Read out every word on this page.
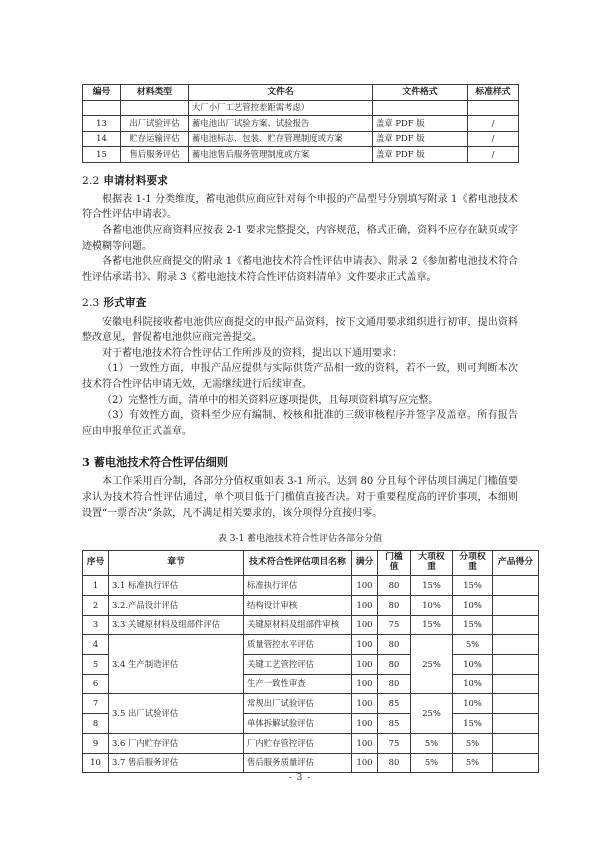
编号	材料类型	文件名	文件格式	标准样式
		大厂小厂工艺管控差距需考虑）		
13	出厂试验评估	蓄电池出厂试验方案、试验报告	盖章 PDF 版	/
14	贮存运输评估	蓄电池标志、包装、贮存管理制度或方案	盖章 PDF 版	/
15	售后服务评估	蓄电池售后服务管理制度或方案	盖章 PDF 版	/
2.2 申请材料要求

根据表 1-1 分类维度，蓄电池供应商应针对每个申报的产品型号分别填写附录 1《蓄电池技术符合性评估申请表》。

各蓄电池供应商资料应按表 2-1 要求完整提交，内容规范，格式正确，资料不应存在缺页或字迹模糊等问题。

各蓄电池供应商提交的附录 1《蓄电池技术符合性评估申请表》、附录 2《参加蓄电池技术符合性评估承诺书》、附录 3《蓄电池技术符合性评估资料清单》文件要求正式盖章。

2.3 形式审查

安徽电科院接收蓄电池供应商提交的申报产品资料，按下文通用要求组织进行初审，提出资料整改意见，督促蓄电池供应商完善提交。

对于蓄电池技术符合性评估工作所涉及的资料，提出以下通用要求：

（1）一致性方面，申报产品应提供与实际供货产品相一致的资料，若不一致，则可判断本次技术符合性评估申请无效，无需继续进行后续审查。

（2）完整性方面，清单中的相关资料应逐项提供，且每项资料填写应完整。

（3）有效性方面，资料至少应有编制、校核和批准的三级审核程序并签字及盖章。所有报告应由申报单位正式盖章。

3 蓄电池技术符合性评估细则

本工作采用百分制，各部分分值权重如表 3-1 所示。达到 80 分且每个评估项目满足门槛值要求认为技术符合性评估通过，单个项目低于门槛值直接否决。对于重要程度高的评价事项，本细则设置“一票否决”条款，凡不满足相关要求的，该分项得分直接归零。

表 3-1 蓄电池技术符合性评估各部分分值
序号	章节	技术符合性评估项目名称	满分	门槛值	大项权重	分项权重	产品得分
1	3.1 标准执行评估	标准执行评估	100	80	15%	15%	
2	3.2.产品设计评估	结构设计审核	100	80	10%	10%	
3	3.3 关键原材料及组部件评估	关键原材料及组部件审核	100	75	15%	15%	
4	3.4 生产制造评估	质量管控水平评估	100	80	25%	5%	
5		关键工艺管控评估	100	80		10%	
6		生产一致性审查	100	80		10%	
7	3.5 出厂试验评估	常规出厂试验评估	100	85	25%	10%	
8		单体拆解试验评估	100	85		15%	
9	3.6 厂内贮存评估	厂内贮存管控评估	100	75	5%	5%	
10	3.7 售后服务评估	售后服务质量评估	100	80	5%	5%	
- 3 -
